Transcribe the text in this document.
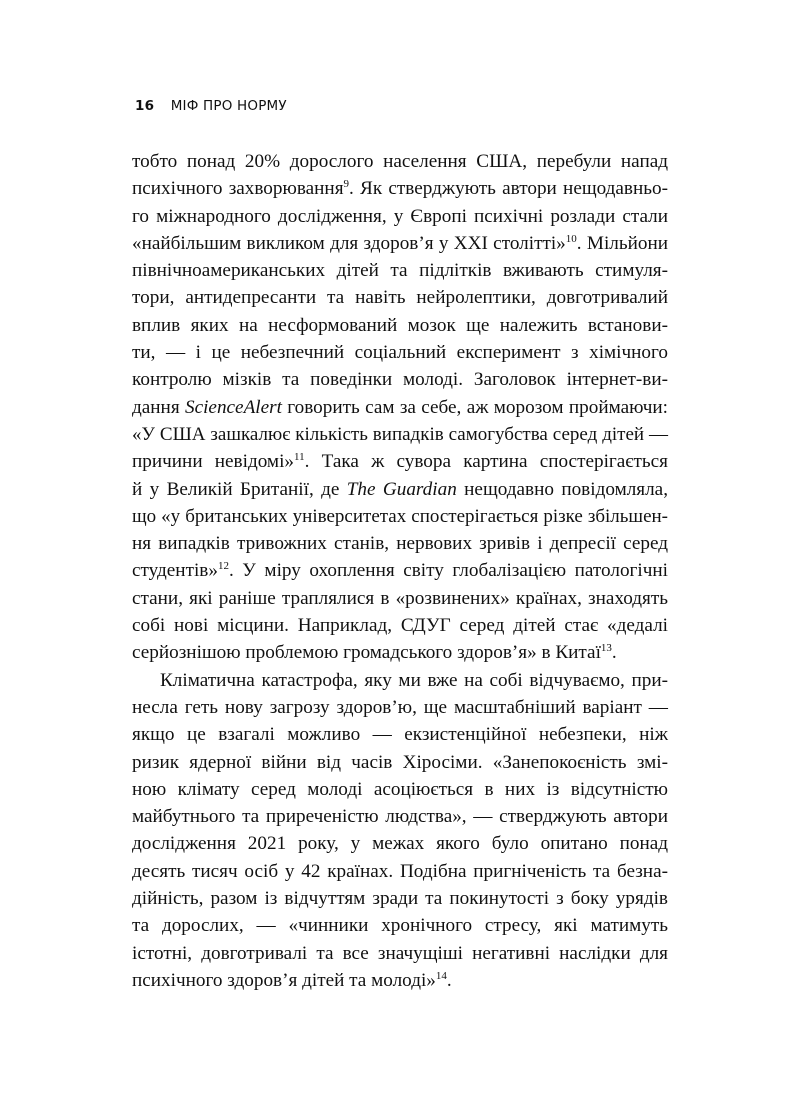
16 МІФ ПРО НОРМУ
тобто понад 20% дорослого населення США, перебули напад
психічного захворювання$^9$. Як стверджують автори нещодавньо-
го міжнародного дослідження, у Європі психічні розлади стали
«найбільшим викликом для здоров’я у XXI столітті»$^{10}$. Мільйони
північноамериканських дітей та підлітків вживають стимуля-
тори, антидепресанти та навіть нейролептики, довготривалий
вплив яких на несформований мозок ще належить встанови-
ти, — і це небезпечний соціальний експеримент з хімічного
контролю мізків та поведінки молоді. Заголовок інтернет-ви-
дання ScienceAlert говорить сам за себе, аж морозом проймаючи:
«У США зашкалює кількість випадків самогубства серед дітей —
причини невідомі»$^{11}$. Така ж сувора картина спостерігається
й у Великій Британії, де The Guardian нещодавно повідомляла,
що «у британських університетах спостерігається різке збільшен-
ня випадків тривожних станів, нервових зривів і депресії серед
студентів»$^{12}$. У міру охоплення світу глобалізацією патологічні
стани, які раніше траплялися в «розвинених» країнах, знаходять
собі нові місцини. Наприклад, СДУГ серед дітей стає «дедалі
серйознішою проблемою громадського здоров’я» в Китаї$^{13}$.
Кліматична катастрофа, яку ми вже на собі відчуваємо, при-
несла геть нову загрозу здоров’ю, ще масштабніший варіант —
якщо це взагалі можливо — екзистенційної небезпеки, ніж
ризик ядерної війни від часів Хіросіми. «Занепокоєність змі-
ною клімату серед молоді асоціюється в них із відсутністю
майбутнього та приреченістю людства», — стверджують автори
дослідження 2021 року, у межах якого було опитано понад
десять тисяч осіб у 42 країнах. Подібна пригніченість та безна-
дійність, разом із відчуттям зради та покинутості з боку урядів
та дорослих, — «чинники хронічного стресу, які матимуть
істотні, довготривалі та все значущіші негативні наслідки для
психічного здоров’я дітей та молоді»$^{14}$.
